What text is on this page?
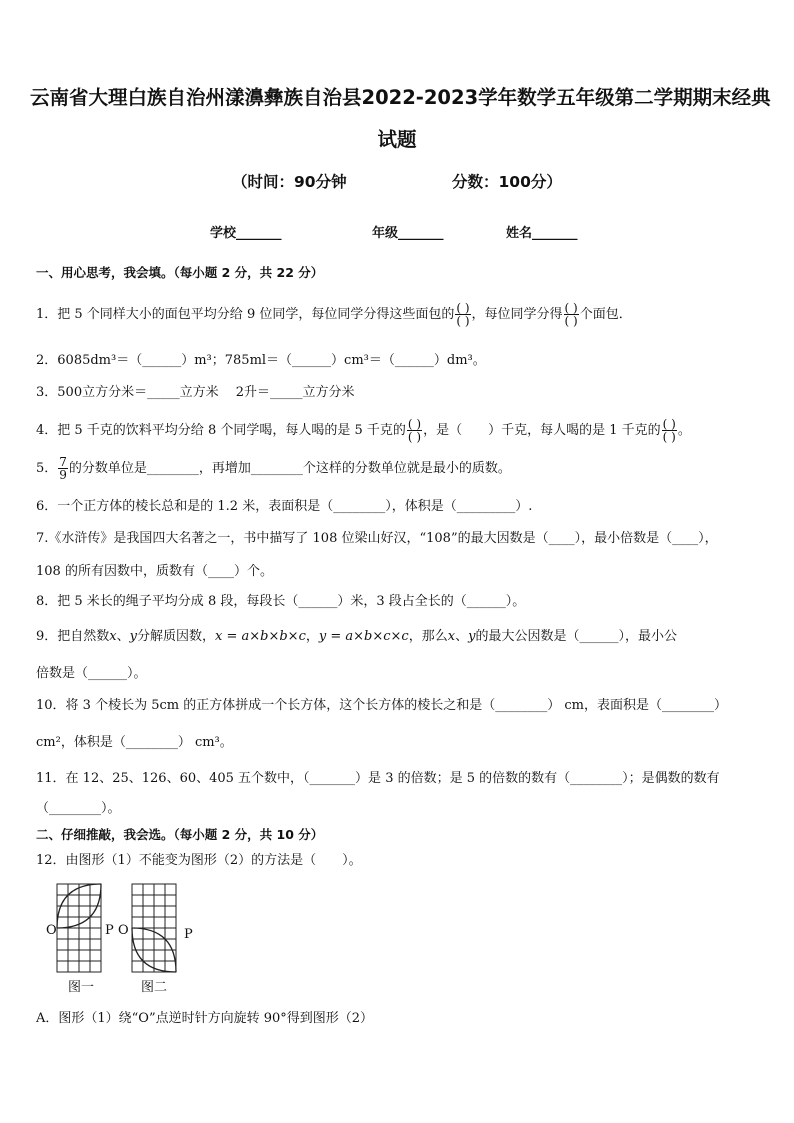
云南省大理白族自治州漾濞彝族自治县2022-2023学年数学五年级第二学期期末经典
试题
（时间：90分钟	分数：100分）
学校_______	年级_______	姓名_______
一、用心思考，我会填。（每小题 2 分，共 22 分）
1．把 5 个同样大小的面包平均分给 9 位同学，每位同学分得这些面包的 $\frac{( )}{( )}$ ，每位同学分得 $\frac{( )}{( )}$ 个面包．
2．6085dm³＝（______）m³；785ml＝（______）cm³＝（______）dm³。
3．500立方分米＝_____立方米　 2升＝_____立方分米
4．把 5 千克的饮料平均分给 8 个同学喝，每人喝的是 5 千克的 $\frac{( )}{( )}$ ，是（　　）千克，每人喝的是 1 千克的 $\frac{( )}{( )}$ 。
5． $\frac{7}{9}$ 的分数单位是________，再增加________个这样的分数单位就是最小的质数。
6．一个正方体的棱长总和是的 1.2 米，表面积是（________），体积是（_________）.
7.《水浒传》是我国四大名著之一，书中描写了 108 位梁山好汉，“108”的最大因数是（____），最小倍数是（____），
108 的所有因数中，质数有（____）个。
8．把 5 米长的绳子平均分成 8 段，每段长（______）米，3 段占全长的（______）。
9．把自然数x、y分解质因数，x = a×b×b×c，y = a×b×c×c，那么x、y的最大公因数是（______），最小公
倍数是（______）。
10．将 3 个棱长为 5cm 的正方体拼成一个长方体，这个长方体的棱长之和是（________） cm，表面积是（________）
cm²，体积是（________） cm³。
11．在 12、25、126、60、405 五个数中，（_______）是 3 的倍数；是 5 的倍数的数有（________）；是偶数的数有
（________）。
二、仔细推敲，我会选。（每小题 2 分，共 10 分）
12．由图形（1）不能变为图形（2）的方法是（　　）。
O	P O	P
图一	图二
A．图形（1）绕“O”点逆时针方向旋转 90°得到图形（2）
